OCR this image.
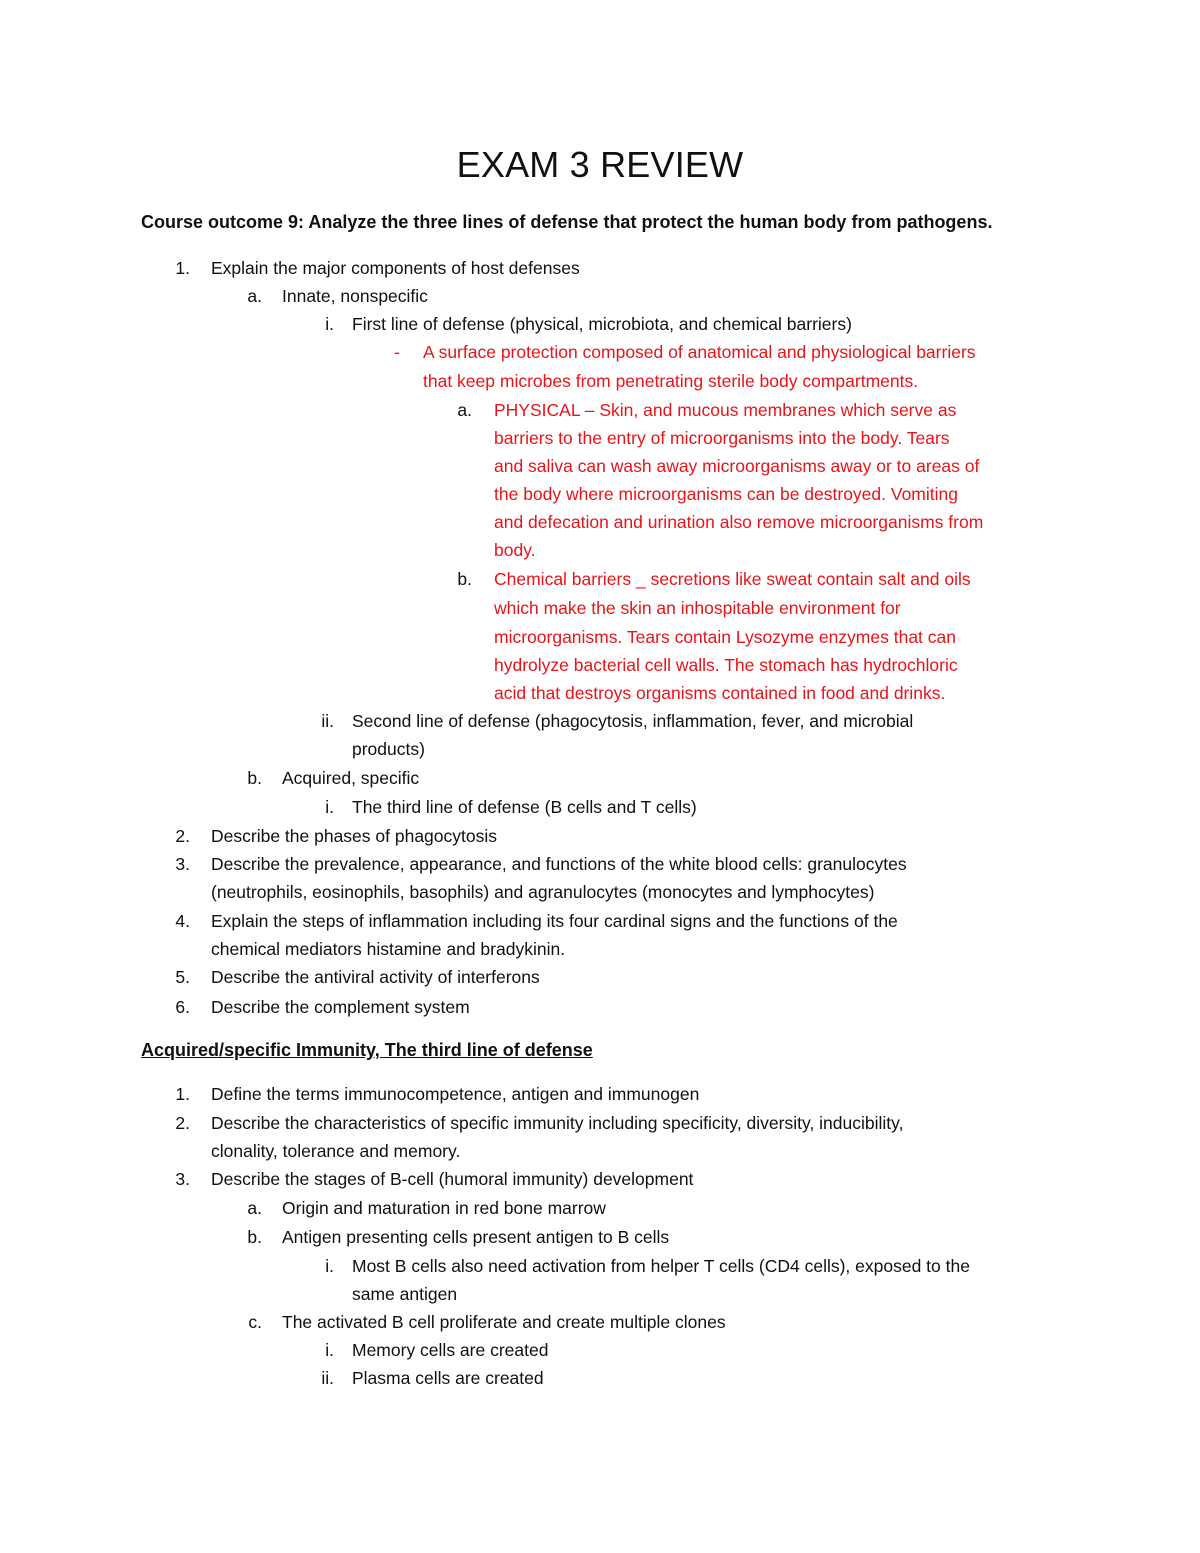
EXAM 3 REVIEW
Course outcome 9: Analyze the three lines of defense that protect the human body from pathogens.
1. Explain the major components of host defenses
a. Innate, nonspecific
i. First line of defense (physical, microbiota, and chemical barriers)
- A surface protection composed of anatomical and physiological barriers
that keep microbes from penetrating sterile body compartments.
a. PHYSICAL – Skin, and mucous membranes which serve as
barriers to the entry of microorganisms into the body. Tears
and saliva can wash away microorganisms away or to areas of
the body where microorganisms can be destroyed. Vomiting
and defecation and urination also remove microorganisms from
body.
b. Chemical barriers _ secretions like sweat contain salt and oils
which make the skin an inhospitable environment for
microorganisms. Tears contain Lysozyme enzymes that can
hydrolyze bacterial cell walls. The stomach has hydrochloric
acid that destroys organisms contained in food and drinks.
ii. Second line of defense (phagocytosis, inflammation, fever, and microbial
products)
b. Acquired, specific
i. The third line of defense (B cells and T cells)
2. Describe the phases of phagocytosis
3. Describe the prevalence, appearance, and functions of the white blood cells: granulocytes
(neutrophils, eosinophils, basophils) and agranulocytes (monocytes and lymphocytes)
4. Explain the steps of inflammation including its four cardinal signs and the functions of the
chemical mediators histamine and bradykinin.
5. Describe the antiviral activity of interferons
6. Describe the complement system
Acquired/specific Immunity, The third line of defense
1. Define the terms immunocompetence, antigen and immunogen
2. Describe the characteristics of specific immunity including specificity, diversity, inducibility,
clonality, tolerance and memory.
3. Describe the stages of B-cell (humoral immunity) development
a. Origin and maturation in red bone marrow
b. Antigen presenting cells present antigen to B cells
i. Most B cells also need activation from helper T cells (CD4 cells), exposed to the
same antigen
c. The activated B cell proliferate and create multiple clones
i. Memory cells are created
ii. Plasma cells are created
